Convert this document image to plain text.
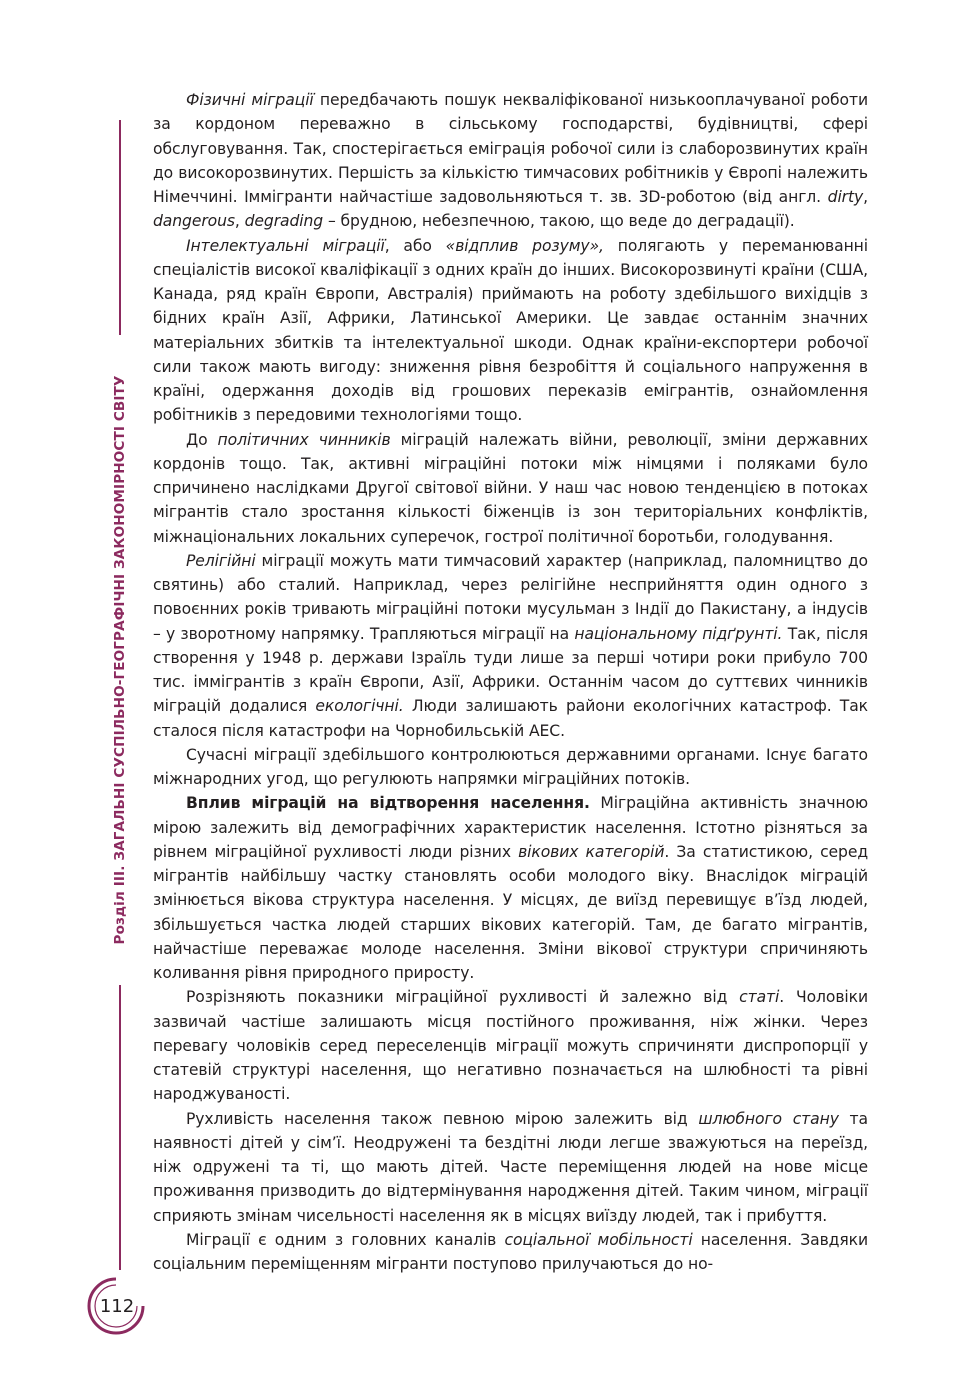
Розділ ІІІ. ЗАГАЛЬНІ СУСПІЛЬНО-ГЕОГРАФІЧНІ ЗАКОНОМІРНОСТІ СВІТУ
112

Фізичні міграції передбачають пошук некваліфікованої низькооплачуваної роботи за кордоном переважно в сільському господарстві, будівництві, сфері обслуговування. Так, спостерігається еміграція робочої сили із слаборозвинутих країн до високорозвинутих. Першість за кількістю тимчасових робітників у Європі належить Німеччині. Іммігранти найчастіше задовольняються т. зв. 3D-роботою (від англ. dirty, dangerous, degrading – брудною, небезпечною, такою, що веде до деградації).

Інтелектуальні міграції, або «відплив розуму», полягають у переманюванні спеціалістів високої кваліфікації з одних країн до інших. Високорозвинуті країни (США, Канада, ряд країн Європи, Австралія) приймають на роботу здебільшого вихідців з бідних країн Азії, Африки, Латинської Америки. Це завдає останнім значних матеріальних збитків та інтелектуальної шкоди. Однак країни-експортери робочої сили також мають вигоду: зниження рівня безробіття й соціального напруження в країні, одержання доходів від грошових переказів емігрантів, ознайомлення робітників з передовими технологіями тощо.

До політичних чинників міграцій належать війни, революції, зміни державних кордонів тощо. Так, активні міграційні потоки між німцями і поляками було спричинено наслідками Другої світової війни. У наш час новою тенденцією в потоках мігрантів стало зростання кількості біженців із зон територіальних конфліктів, міжнаціональних локальних суперечок, гострої політичної боротьби, голодування.

Релігійні міграції можуть мати тимчасовий характер (наприклад, паломництво до святинь) або сталий. Наприклад, через релігійне несприйняття один одного з повоєнних років тривають міграційні потоки мусульман з Індії до Пакистану, а індусів – у зворотному напрямку. Трапляються міграції на національному підґрунті. Так, після створення у 1948 р. держави Ізраїль туди лише за перші чотири роки прибуло 700 тис. іммігрантів з країн Європи, Азії, Африки. Останнім часом до суттєвих чинників міграцій додалися екологічні. Люди залишають райони екологічних катастроф. Так сталося після катастрофи на Чорнобильській АЕС.

Сучасні міграції здебільшого контролюються державними органами. Існує багато міжнародних угод, що регулюють напрямки міграційних потоків.

Вплив міграцій на відтворення населення. Міграційна активність значною мірою залежить від демографічних характеристик населення. Істотно різняться за рівнем міграційної рухливості люди різних вікових категорій. За статистикою, серед мігрантів найбільшу частку становлять особи молодого віку. Внаслідок міграцій змінюється вікова структура населення. У місцях, де виїзд перевищує в’їзд людей, збільшується частка людей старших вікових категорій. Там, де багато мігрантів, найчастіше переважає молоде населення. Зміни вікової структури спричиняють коливання рівня природного приросту.

Розрізняють показники міграційної рухливості й залежно від статі. Чоловіки зазвичай частіше залишають місця постійного проживання, ніж жінки. Через перевагу чоловіків серед переселенців міграції можуть спричиняти диспропорції у статевій структурі населення, що негативно позначається на шлюбності та рівні народжуваності.

Рухливість населення також певною мірою залежить від шлюбного стану та наявності дітей у сім’ї. Неодружені та бездітні люди легше зважуються на переїзд, ніж одружені та ті, що мають дітей. Часте переміщення людей на нове місце проживання призводить до відтермінування народження дітей. Таким чином, міграції сприяють змінам чисельності населення як в місцях виїзду людей, так і прибуття.

Міграції є одним з головних каналів соціальної мобільності населення. Завдяки соціальним переміщенням мігранти поступово прилучаються до но-
